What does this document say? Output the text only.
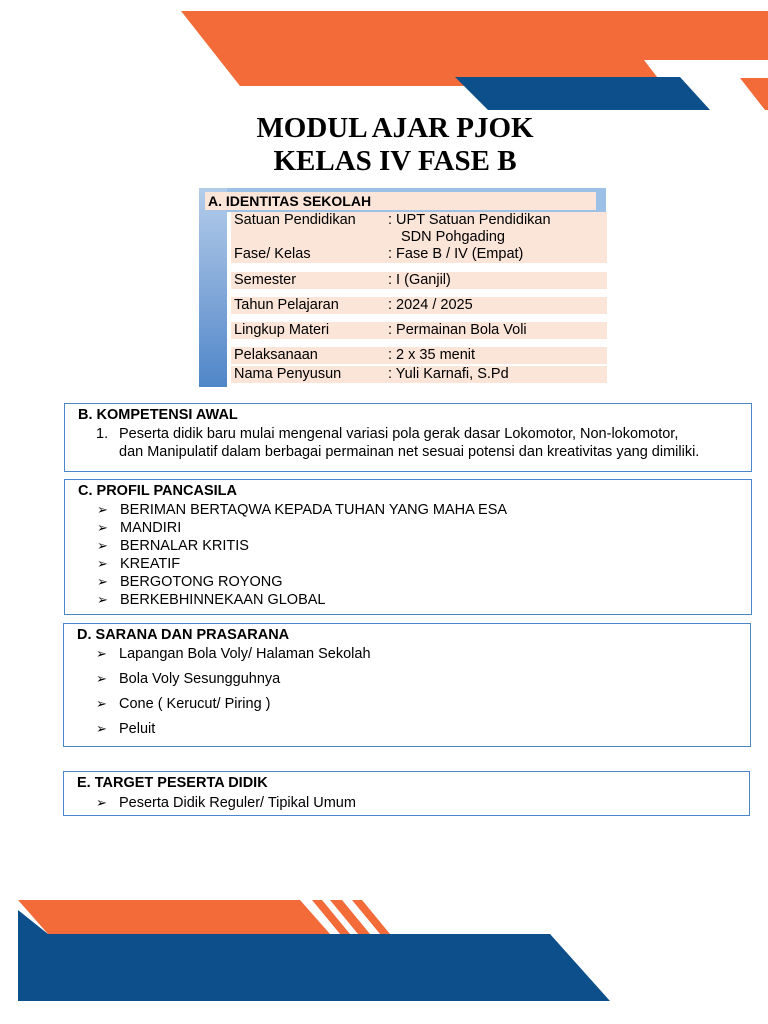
MODUL AJAR PJOK
KELAS IV FASE B
A. IDENTITAS SEKOLAH
Satuan Pendidikan : UPT Satuan Pendidikan
SDN Pohgading
Fase/ Kelas	: Fase B / IV (Empat)
Semester	: I (Ganjil)
Tahun Pelajaran	: 2024 / 2025
Lingkup Materi	: Permainan Bola Voli
Pelaksanaan	: 2 x 35 menit
Nama Penyusun	: Yuli Karnafi, S.Pd
B. KOMPETENSI AWAL
1. Peserta didik baru mulai mengenal variasi pola gerak dasar Lokomotor, Non-lokomotor,
dan Manipulatif dalam berbagai permainan net sesuai potensi dan kreativitas yang dimiliki.
C. PROFIL PANCASILA
➢ BERIMAN BERTAQWA KEPADA TUHAN YANG MAHA ESA
➢ MANDIRI
➢ BERNALAR KRITIS
➢ KREATIF
➢ BERGOTONG ROYONG
➢ BERKEBHINNEKAAN GLOBAL
D. SARANA DAN PRASARANA
➢ Lapangan Bola Voly/ Halaman Sekolah
➢ Bola Voly Sesungguhnya
➢ Cone ( Kerucut/ Piring )
➢ Peluit
E. TARGET PESERTA DIDIK
➢ Peserta Didik Reguler/ Tipikal Umum
